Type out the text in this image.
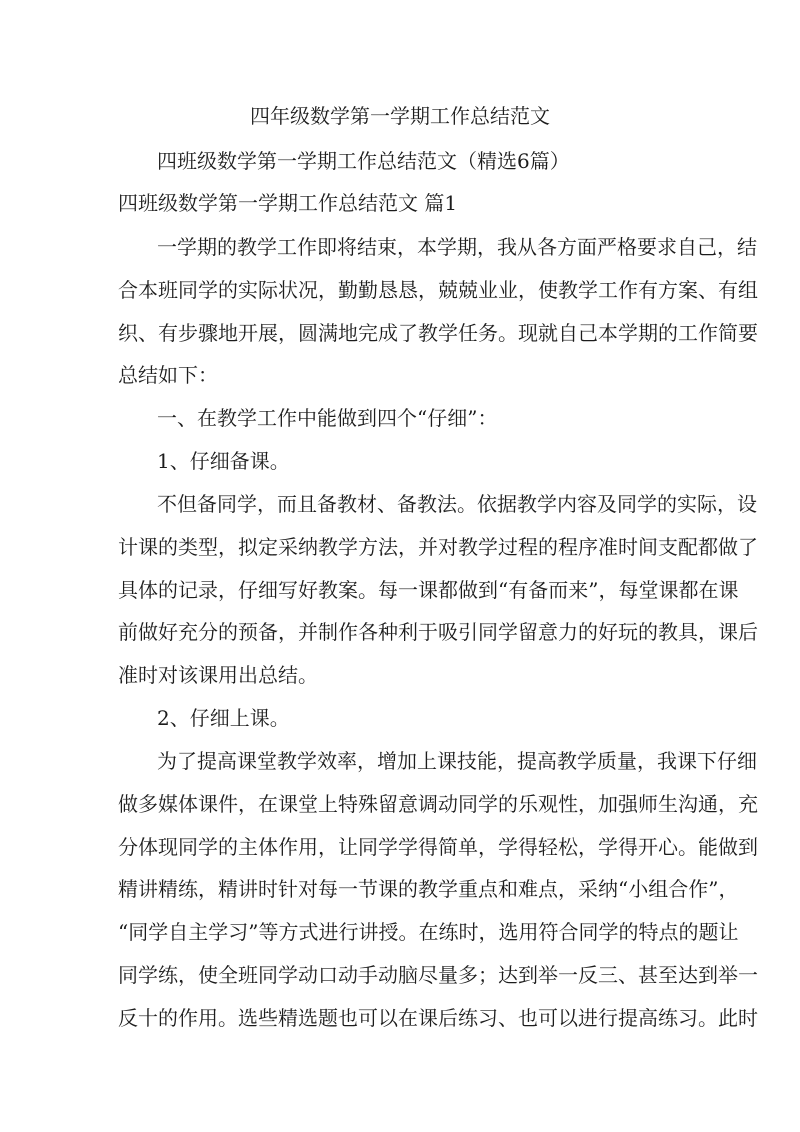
四年级数学第一学期工作总结范文
四班级数学第一学期工作总结范文（精选6篇）
四班级数学第一学期工作总结范文 篇1
一学期的教学工作即将结束，本学期，我从各方面严格要求自己，结
合本班同学的实际状况，勤勤恳恳，兢兢业业，使教学工作有方案、有组
织、有步骤地开展，圆满地完成了教学任务。现就自己本学期的工作简要
总结如下：
一、在教学工作中能做到四个“仔细”：
1、仔细备课。
不但备同学，而且备教材、备教法。依据教学内容及同学的实际，设
计课的类型，拟定采纳教学方法，并对教学过程的程序准时间支配都做了
具体的记录，仔细写好教案。每一课都做到“有备而来”，每堂课都在课
前做好充分的预备，并制作各种利于吸引同学留意力的好玩的教具，课后
准时对该课用出总结。
2、仔细上课。
为了提高课堂教学效率，增加上课技能，提高教学质量，我课下仔细
做多媒体课件，在课堂上特殊留意调动同学的乐观性，加强师生沟通，充
分体现同学的主体作用，让同学学得简单，学得轻松，学得开心。能做到
精讲精练，精讲时针对每一节课的教学重点和难点，采纳“小组合作”，
“同学自主学习”等方式进行讲授。在练时，选用符合同学的特点的题让
同学练，使全班同学动口动手动脑尽量多；达到举一反三、甚至达到举一
反十的作用。选些精选题也可以在课后练习、也可以进行提高练习。此时
